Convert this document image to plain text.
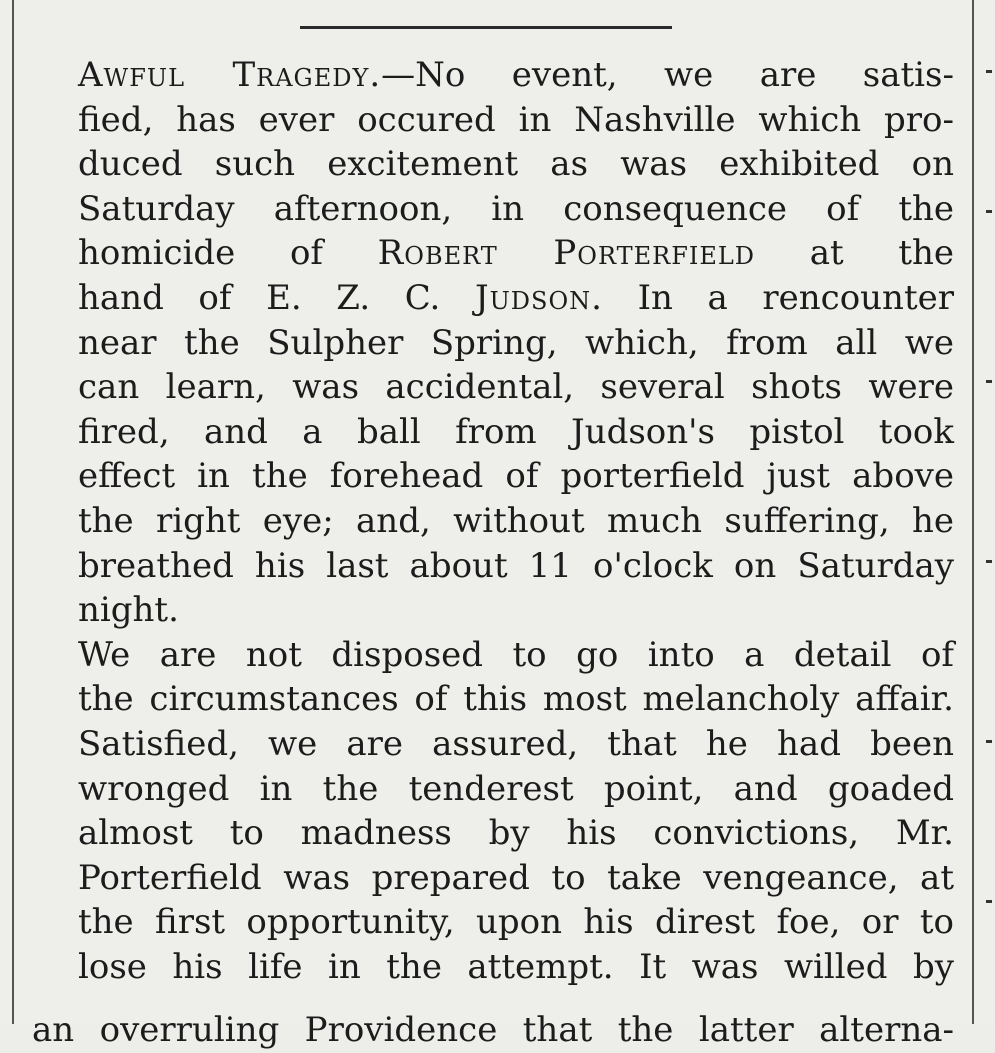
Awful Tragedy.—No event, we are satis-
fied, has ever occured in Nashville which pro-
duced such excitement as was exhibited on
Saturday afternoon, in consequence of the
homicide of Robert Porterfield at the
hand of E. Z. C. Judson. In a rencounter
near the Sulpher Spring, which, from all we
can learn, was accidental, several shots were
fired, and a ball from Judson's pistol took
effect in the forehead of porterfield just above
the right eye; and, without much suffering, he
breathed his last about 11 o'clock on Saturday
night.

We are not disposed to go into a detail of
the circumstances of this most melancholy affair.
Satisfied, we are assured, that he had been
wronged in the tenderest point, and goaded
almost to madness by his convictions, Mr.
Porterfield was prepared to take vengeance, at
the first opportunity, upon his direst foe, or to
lose his life in the attempt. It was willed by

an overruling Providence that the latter alterna-
